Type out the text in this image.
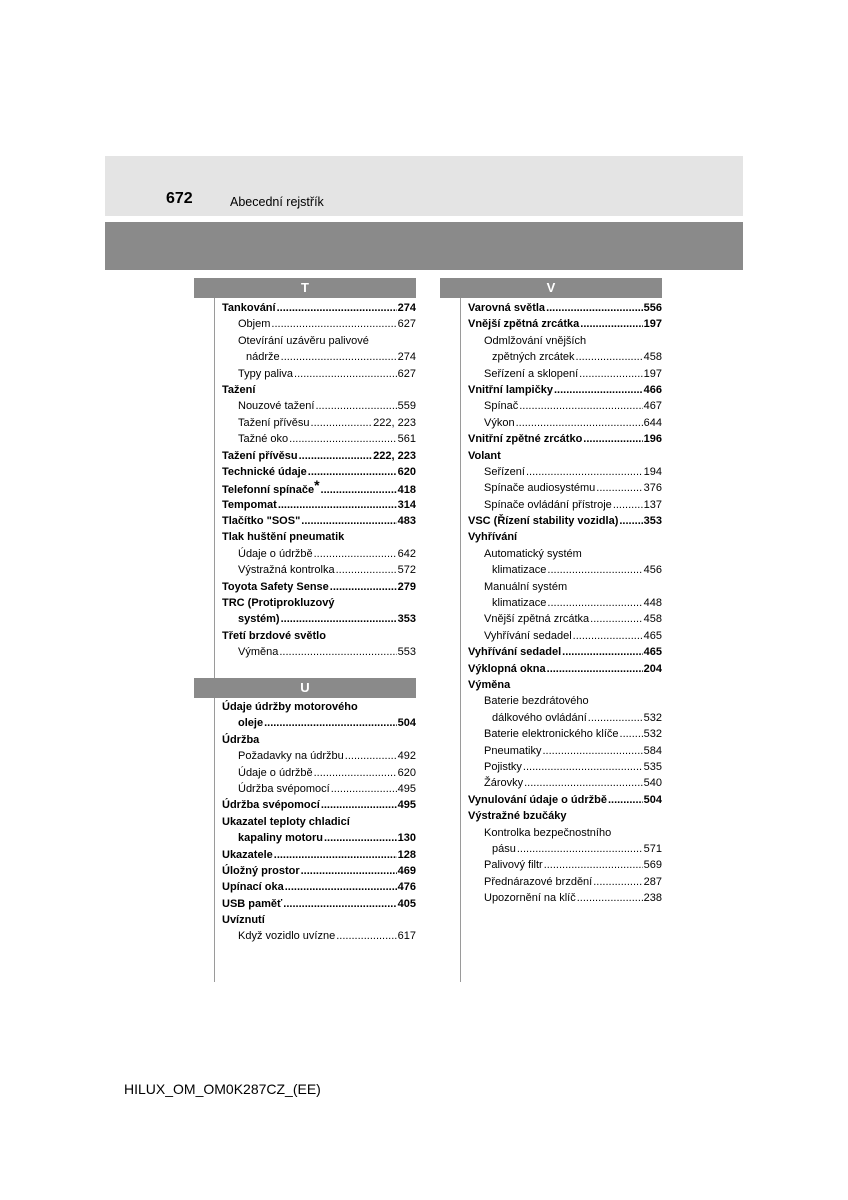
672	Abecední rejstřík
T
Tankování .....	274
Objem .....	627
Otevírání uzávěru palivové
nádrže .....	274
Typy paliva .....	627
Tažení
Nouzové tažení .....	559
Tažení přívěsu .....	222, 223
Tažné oko .....	561
Tažení přívěsu .....	222, 223
Technické údaje .....	620
Telefonní spínače * .....	418
Tempomat .....	314
Tlačítko "SOS" .....	483
Tlak huštění pneumatik
Údaje o údržbě .....	642
Výstražná kontrolka .....	572
Toyota Safety Sense .....	279
TRC (Protiprokluzový
systém) .....	353
Třetí brzdové světlo
Výměna .....	553
U
Údaje údržby motorového
oleje .....	504
Údržba
Požadavky na údržbu .....	492
Údaje o údržbě .....	620
Údržba svépomocí .....	495
Údržba svépomocí .....	495
Ukazatel teploty chladicí
kapaliny motoru .....	130
Ukazatele .....	128
Úložný prostor .....	469
Upínací oka .....	476
USB paměť .....	405
Uvíznutí
Když vozidlo uvízne .....	617
V
Varovná světla .....	556
Vnější zpětná zrcátka .....	197
Odmlžování vnějších
zpětných zrcátek .....	458
Seřízení a sklopení .....	197
Vnitřní lampičky .....	466
Spínač .....	467
Výkon .....	644
Vnitřní zpětné zrcátko .....	196
Volant
Seřízení .....	194
Spínače audiosystému .....	376
Spínače ovládání přístroje .....	137
VSC (Řízení stability vozidla) ..... 353
Vyhřívání
Automatický systém
klimatizace .....	456
Manuální systém
klimatizace .....	448
Vnější zpětná zrcátka .....	458
Vyhřívání sedadel .....	465
Vyhřívání sedadel .....	465
Výklopná okna .....	204
Výměna
Baterie bezdrátového
dálkového ovládání .....	532
Baterie elektronického klíče ..... 532
Pneumatiky .....	584
Pojistky .....	535
Žárovky .....	540
Vynulování údaje o údržbě .....	504
Výstražné bzučáky
Kontrolka bezpečnostního
pásu .....	571
Palivový filtr .....	569
Přednárazové brzdění .....	287
Upozornění na klíč .....	238
HILUX_OM_OM0K287CZ_(EE)
